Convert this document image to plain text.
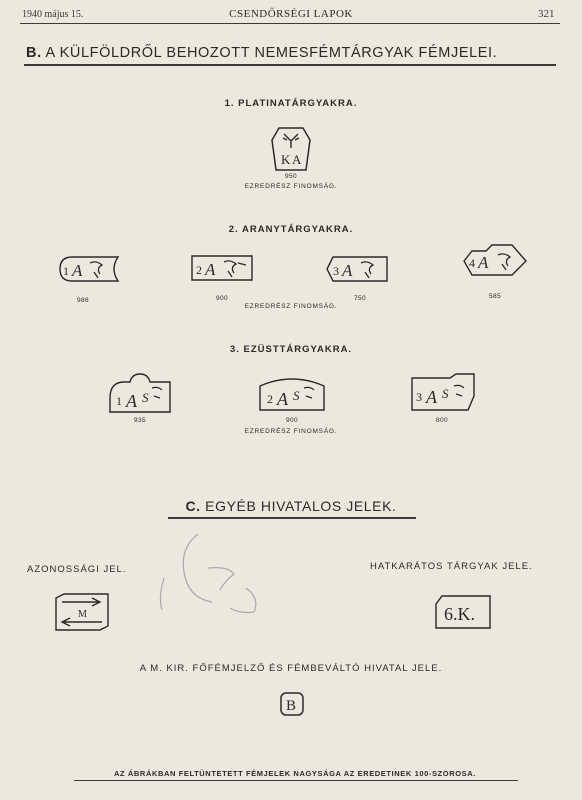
1940 május 15.	CSENDŐRSÉGI LAPOK	321
B. A KÜLFÖLDRŐL BEHOZOTT NEMESFÉMTÁRGYAK FÉMJELEI.
1. PLATINATÁRGYAKRA.
K A
950
EZREDRÉSZ FINOMSÁG.
2. ARANYTÁRGYAKRA.
1 A
986
2 A
900
3 A
750
4 A
585
EZREDRÉSZ FINOMSÁG.
3. EZÜSTTÁRGYAKRA.
1 A S
935
2 A S
900
3 A S
800
EZREDRÉSZ FINOMSÁG.
C. EGYÉB HIVATALOS JELEK.
AZONOSSÁGI JEL.	HATKARÁTOS TÁRGYAK JELE.
M	6.K.
A M. KIR. FŐFÉMJELZŐ ÉS FÉMBEVÁLTÓ HIVATAL JELE.
B
AZ ÁBRÁKBAN FELTÜNTETETT FÉMJELEK NAGYSÁGA AZ EREDETINEK 100-SZOROSA.
